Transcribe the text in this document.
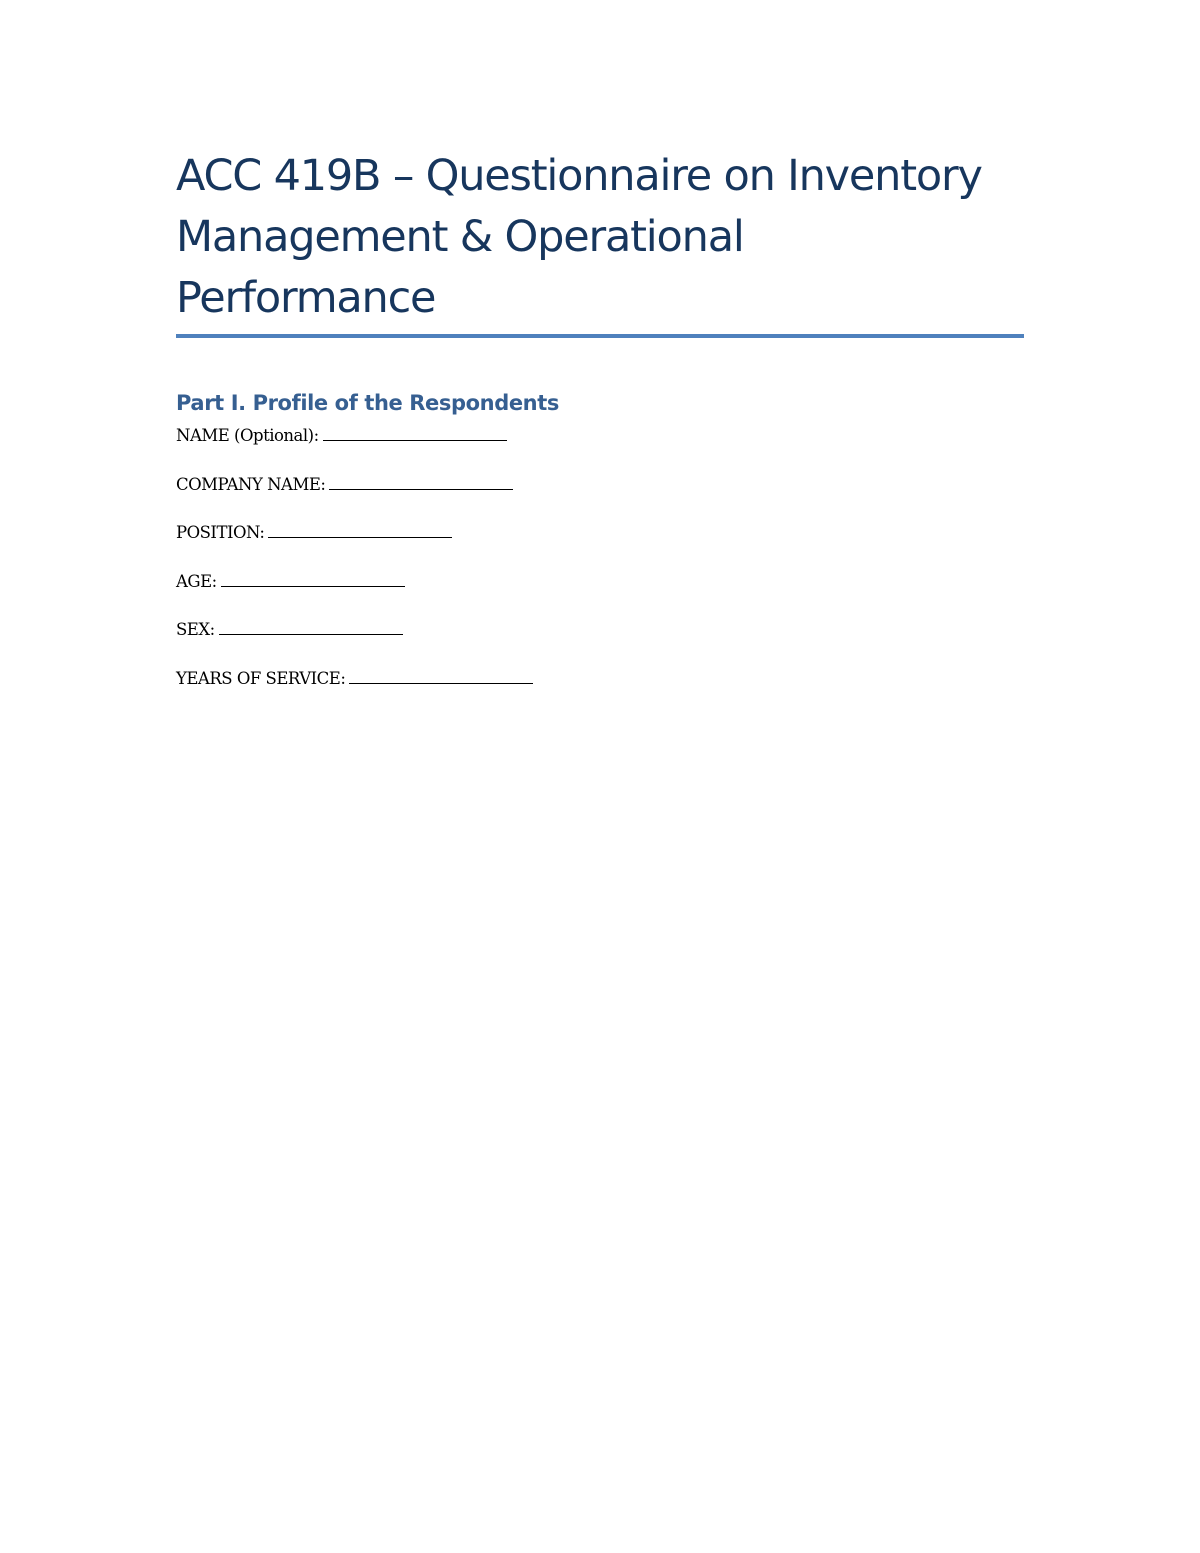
ACC 419B – Questionnaire on Inventory
Management & Operational
Performance
Part I. Profile of the Respondents
NAME (Optional):
COMPANY NAME:
POSITION:
AGE:
SEX:
YEARS OF SERVICE:
